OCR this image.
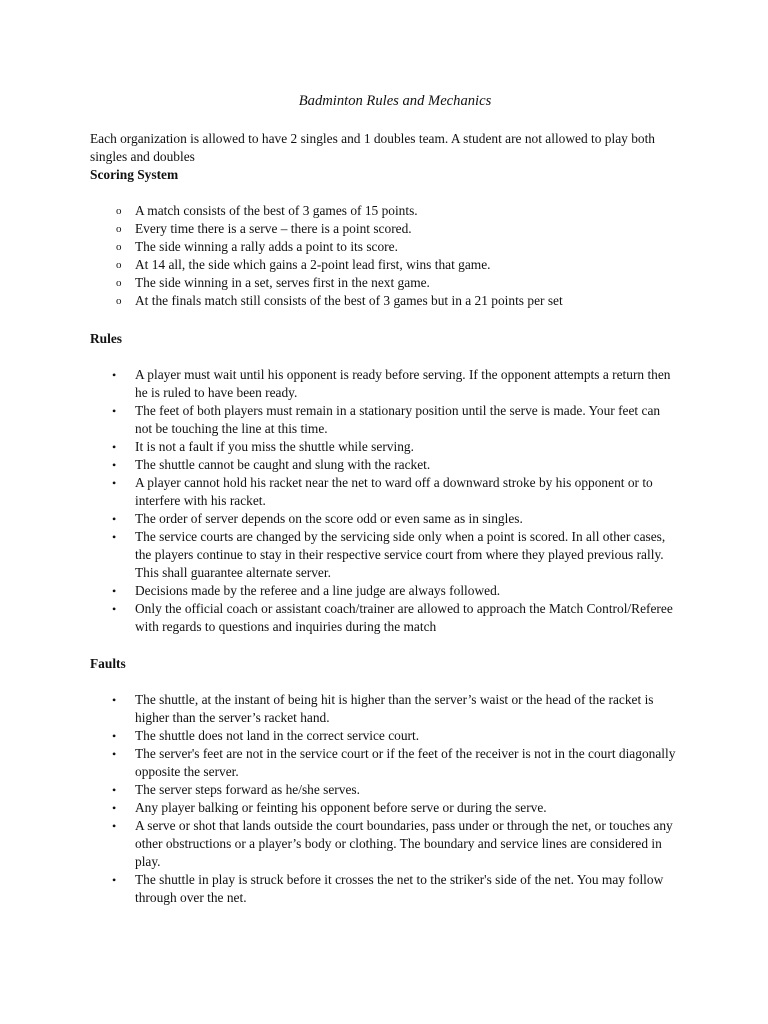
Badminton Rules and Mechanics

Each organization is allowed to have 2 singles and 1 doubles team. A student are not allowed to play both singles and doubles

Scoring System

o A match consists of the best of 3 games of 15 points.
o Every time there is a serve – there is a point scored.
o The side winning a rally adds a point to its score.
o At 14 all, the side which gains a 2-point lead first, wins that game.
o The side winning in a set, serves first in the next game.
o At the finals match still consists of the best of 3 games but in a 21 points per set

Rules

• A player must wait until his opponent is ready before serving. If the opponent attempts a return then he is ruled to have been ready.
• The feet of both players must remain in a stationary position until the serve is made. Your feet can not be touching the line at this time.
• It is not a fault if you miss the shuttle while serving.
• The shuttle cannot be caught and slung with the racket.
• A player cannot hold his racket near the net to ward off a downward stroke by his opponent or to interfere with his racket.
• The order of server depends on the score odd or even same as in singles.
• The service courts are changed by the servicing side only when a point is scored. In all other cases, the players continue to stay in their respective service court from where they played previous rally. This shall guarantee alternate server.
• Decisions made by the referee and a line judge are always followed.
• Only the official coach or assistant coach/trainer are allowed to approach the Match Control/Referee with regards to questions and inquiries during the match

Faults

• The shuttle, at the instant of being hit is higher than the server’s waist or the head of the racket is higher than the server’s racket hand.
• The shuttle does not land in the correct service court.
• The server's feet are not in the service court or if the feet of the receiver is not in the court diagonally opposite the server.
• The server steps forward as he/she serves.
• Any player balking or feinting his opponent before serve or during the serve.
• A serve or shot that lands outside the court boundaries, pass under or through the net, or touches any other obstructions or a player’s body or clothing. The boundary and service lines are considered in play.
• The shuttle in play is struck before it crosses the net to the striker's side of the net. You may follow through over the net.
